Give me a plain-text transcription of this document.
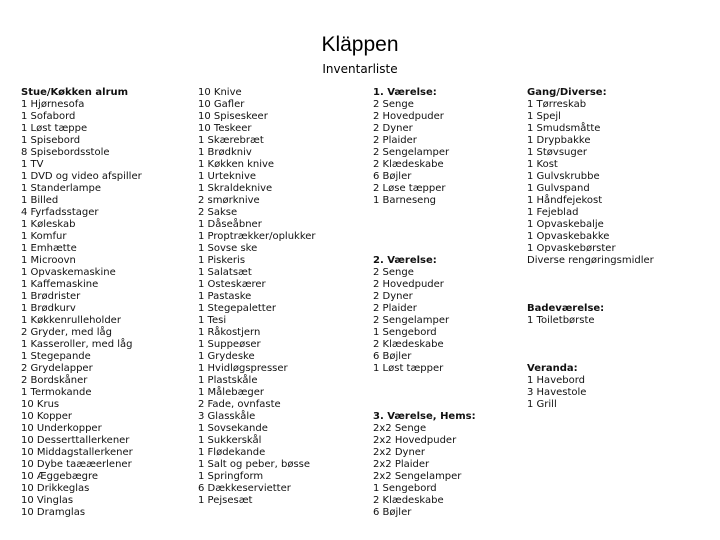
Kläppen
Inventarliste
Stue/Køkken alrum
1 Hjørnesofa
1 Sofabord
1 Løst tæppe
1 Spisebord
8 Spisebordsstole
1 TV
1 DVD og video afspiller
1 Standerlampe
1 Billed
4 Fyrfadsstager
1 Køleskab
1 Komfur
1 Emhætte
1 Microovn
1 Opvaskemaskine
1 Kaffemaskine
1 Brødrister
1 Brødkurv
1 Køkkenrulleholder
2 Gryder, med låg
1 Kasseroller, med låg
1 Stegepande
2 Grydelapper
2 Bordskåner
1 Termokande
10 Krus
10 Kopper
10 Underkopper
10 Desserttallerkener
10 Middagstallerkener
10 Dybe taææerlener
10 Æggebægre
10 Drikkeglas
10 Vinglas
10 Dramglas
10 Knive
10 Gafler
10 Spiseskeer
10 Teskeer
1 Skærebræt
1 Brødkniv
1 Køkken knive
1 Urteknive
1 Skraldeknive
2 smørknive
2 Sakse
1 Dåseåbner
1 Proptrækker/oplukker
1 Sovse ske
1 Piskeris
1 Salatsæt
1 Osteskærer
1 Pastaske
1 Stegepaletter
1 Tesi
1 Råkostjern
1 Suppeøser
1 Grydeske
1 Hvidløgspresser
1 Plastskåle
1 Målebæger
2 Fade, ovnfaste
3 Glasskåle
1 Sovsekande
1 Sukkerskål
1 Flødekande
1 Salt og peber, bøsse
1 Springform
6 Dækkeservietter
1 Pejsesæt
1. Værelse:
2 Senge
2 Hovedpuder
2 Dyner
2 Plaider
2 Sengelamper
2 Klædeskabe
6 Bøjler
2 Løse tæpper
1 Barneseng
2. Værelse:
2 Senge
2 Hovedpuder
2 Dyner
2 Plaider
2 Sengelamper
1 Sengebord
2 Klædeskabe
6 Bøjler
1 Løst tæpper
3. Værelse, Hems:
2x2 Senge
2x2 Hovedpuder
2x2 Dyner
2x2 Plaider
2x2 Sengelamper
1 Sengebord
2 Klædeskabe
6 Bøjler
Gang/Diverse:
1 Tørreskab
1 Spejl
1 Smudsmåtte
1 Drypbakke
1 Støvsuger
1 Kost
1 Gulvskrubbe
1 Gulvspand
1 Håndfejekost
1 Fejeblad
1 Opvaskebalje
1 Opvaskebakke
1 Opvaskebørster
Diverse rengøringsmidler
Badeværelse:
1 Toiletbørste
Veranda:
1 Havebord
3 Havestole
1 Grill
